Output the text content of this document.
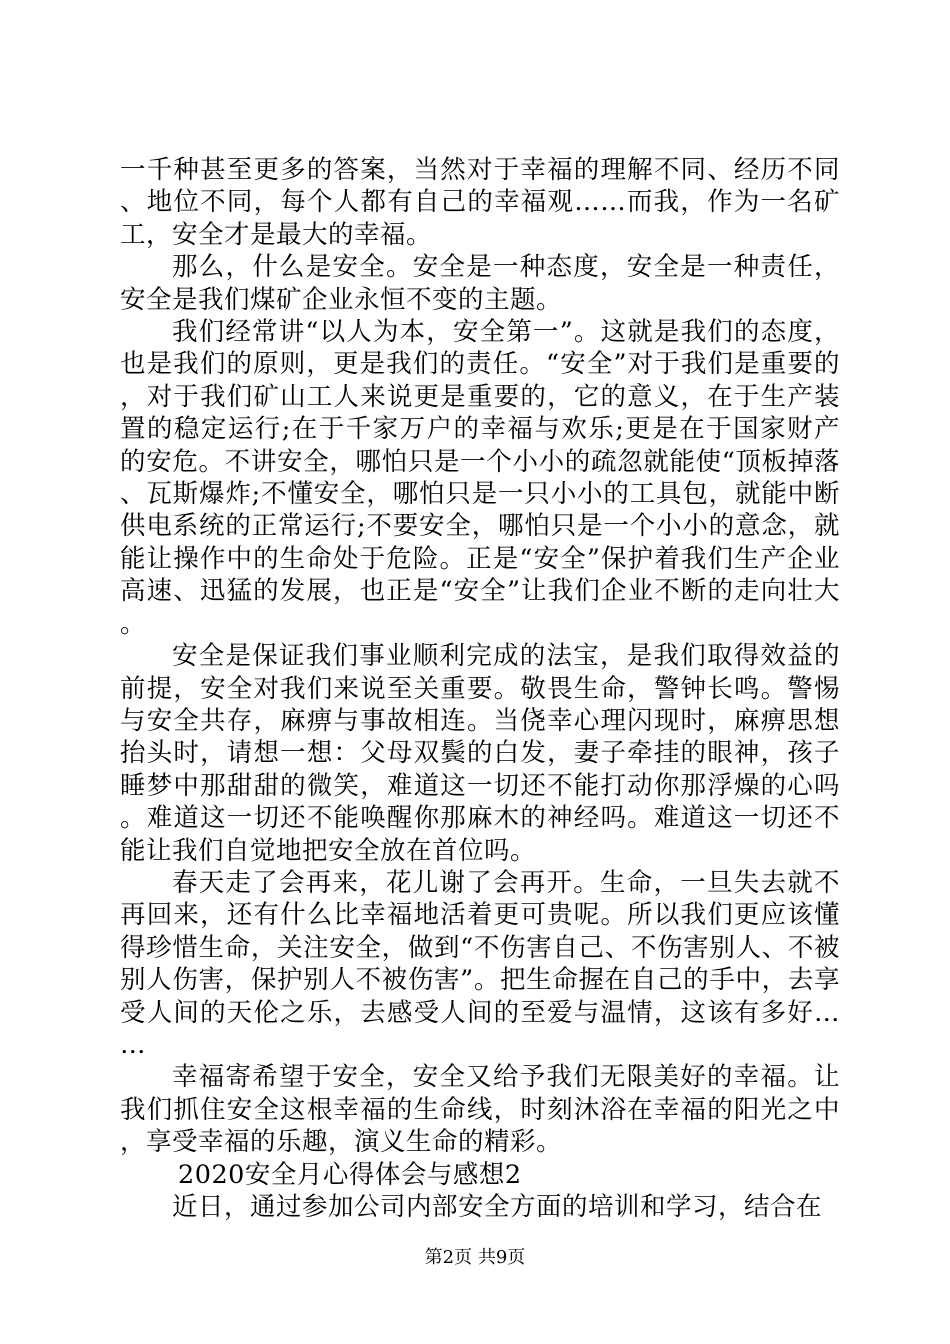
一千种甚至更多的答案，当然对于幸福的理解不同、经历不同、地位不同，每个人都有自己的幸福观……而我，作为一名矿工，安全才是最大的幸福。

那么，什么是安全。安全是一种态度，安全是一种责任，安全是我们煤矿企业永恒不变的主题。

我们经常讲“以人为本，安全第一”。这就是我们的态度，也是我们的原则，更是我们的责任。“安全”对于我们是重要的，对于我们矿山工人来说更是重要的，它的意义，在于生产装置的稳定运行;在于千家万户的幸福与欢乐;更是在于国家财产的安危。不讲安全，哪怕只是一个小小的疏忽就能使“顶板掉落、瓦斯爆炸;不懂安全，哪怕只是一只小小的工具包，就能中断供电系统的正常运行;不要安全，哪怕只是一个小小的意念，就能让操作中的生命处于危险。正是“安全”保护着我们生产企业高速、迅猛的发展，也正是“安全”让我们企业不断的走向壮大。

安全是保证我们事业顺利完成的法宝，是我们取得效益的前提，安全对我们来说至关重要。敬畏生命，警钟长鸣。警惕与安全共存，麻痹与事故相连。当侥幸心理闪现时，麻痹思想抬头时，请想一想：父母双鬓的白发，妻子牵挂的眼神，孩子睡梦中那甜甜的微笑，难道这一切还不能打动你那浮燥的心吗。难道这一切还不能唤醒你那麻木的神经吗。难道这一切还不能让我们自觉地把安全放在首位吗。

春天走了会再来，花儿谢了会再开。生命，一旦失去就不再回来，还有什么比幸福地活着更可贵呢。所以我们更应该懂得珍惜生命，关注安全，做到“不伤害自己、不伤害别人、不被别人伤害，保护别人不被伤害”。把生命握在自己的手中，去享受人间的天伦之乐，去感受人间的至爱与温情，这该有多好……

幸福寄希望于安全，安全又给予我们无限美好的幸福。让我们抓住安全这根幸福的生命线，时刻沐浴在幸福的阳光之中，享受幸福的乐趣，演义生命的精彩。

2020安全月心得体会与感想2

近日，通过参加公司内部安全方面的培训和学习，结合在

第2页 共9页
